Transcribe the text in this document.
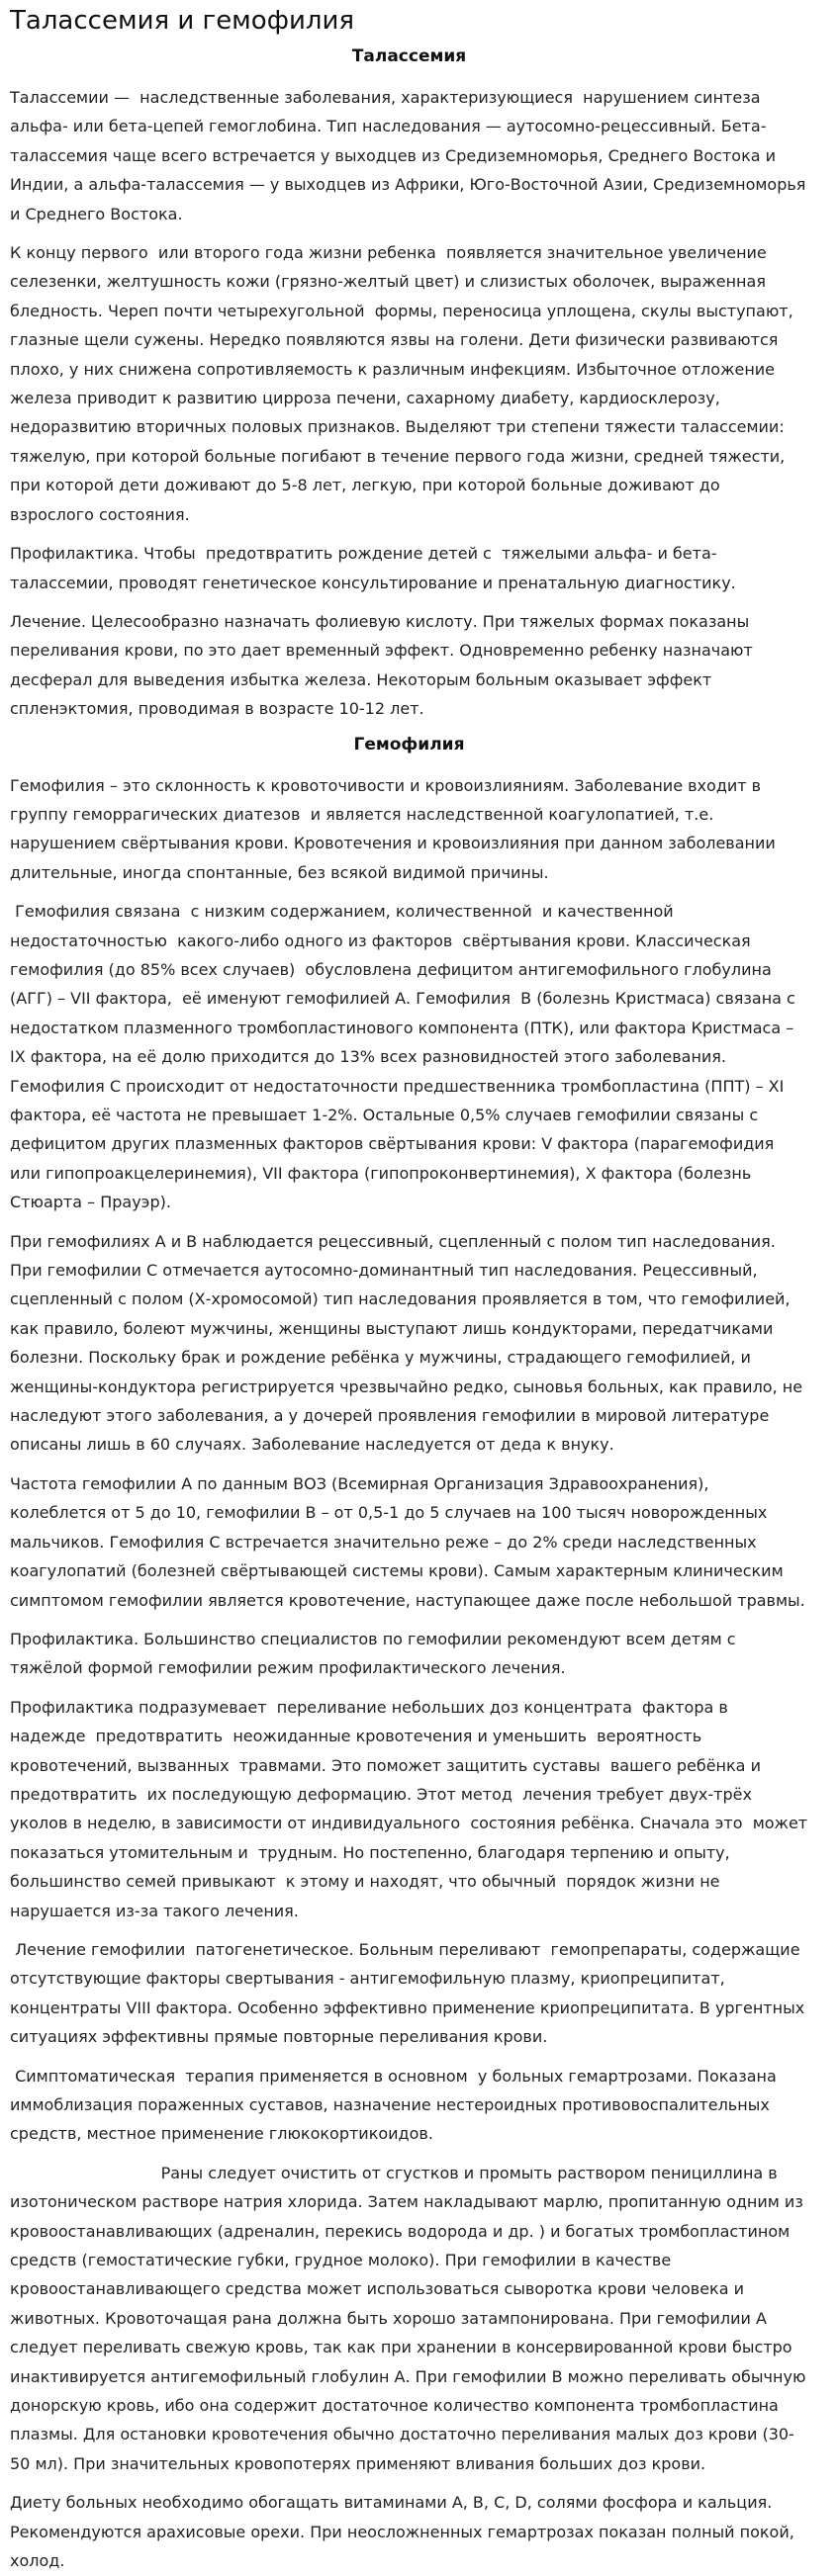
Талассемия и гемофилия
Талассемия

Талассемии —  наследственные заболевания, характеризующиеся  нарушением синтеза альфа- или бета-цепей гемоглобина. Тип наследования — аутосомно-рецессивный. Бета-талассемия чаще всего встречается у выходцев из Средиземноморья, Среднего Востока и Индии, а альфа-талассемия — у выходцев из Африки, Юго-Восточной Азии, Средиземноморья и Среднего Востока.

К концу первого  или второго года жизни ребенка  появляется значительное увеличение селезенки, желтушность кожи (грязно-желтый цвет) и слизистых оболочек, выраженная бледность. Череп почти четырехугольной  формы, переносица уплощена, скулы выступают, глазные щели сужены. Нередко появляются язвы на голени. Дети физически развиваются плохо, у них снижена сопротивляемость к различным инфекциям. Избыточное отложение железа приводит к развитию цирроза печени, сахарному диабету, кардиосклерозу, недоразвитию вторичных половых признаков. Выделяют три степени тяжести талассемии: тяжелую, при которой больные погибают в течение первого года жизни, средней тяжести, при которой дети доживают до 5-8 лет, легкую, при которой больные доживают до взрослого состояния.

Профилактика. Чтобы  предотвратить рождение детей с  тяжелыми альфа- и бета-талассемии, проводят генетическое консультирование и пренатальную диагностику.

Лечение. Целесообразно назначать фолиевую кислоту. При тяжелых формах показаны переливания крови, по это дает временный эффект. Одновременно ребенку назначают десферал для выведения избытка железа. Некоторым больным оказывает эффект спленэктомия, проводимая в возрасте 10-12 лет.

Гемофилия

Гемофилия – это склонность к кровоточивости и кровоизлияниям. Заболевание входит в группу геморрагических диатезов  и является наследственной коагулопатией, т.е. нарушением свёртывания крови. Кровотечения и кровоизлияния при данном заболевании длительные, иногда спонтанные, без всякой видимой причины.

Гемофилия связана  с низким содержанием, количественной  и качественной недостаточностью  какого-либо одного из факторов  свёртывания крови. Классическая гемофилия (до 85% всех случаев)  обусловлена дефицитом антигемофильного глобулина (АГГ) – VII фактора,  её именуют гемофилией А. Гемофилия  В (болезнь Кристмаса) связана с недостатком плазменного тромбопластинового компонента (ПТК), или фактора Кристмаса – IX фактора, на её долю приходится до 13% всех разновидностей этого заболевания. Гемофилия С происходит от недостаточности предшественника тромбопластина (ППТ) – XI фактора, её частота не превышает 1-2%. Остальные 0,5% случаев гемофилии связаны с дефицитом других плазменных факторов свёртывания крови: V фактора (парагемофидия или гипопроакцелеринемия), VII фактора (гипопроконвертинемия), X фактора (болезнь Стюарта – Прауэр).

При гемофилиях А и В наблюдается рецессивный, сцепленный с полом тип наследования. При гемофилии С отмечается аутосомно-доминантный тип наследования. Рецессивный, сцепленный с полом (Х-хромосомой) тип наследования проявляется в том, что гемофилией, как правило, болеют мужчины, женщины выступают лишь кондукторами, передатчиками болезни. Поскольку брак и рождение ребёнка у мужчины, страдающего гемофилией, и женщины-кондуктора регистрируется чрезвычайно редко, сыновья больных, как правило, не наследуют этого заболевания, а у дочерей проявления гемофилии в мировой литературе описаны лишь в 60 случаях. Заболевание наследуется от деда к внуку.

Частота гемофилии А по данным ВОЗ (Всемирная Организация Здравоохранения), колеблется от 5 до 10, гемофилии В – от 0,5-1 до 5 случаев на 100 тысяч новорожденных мальчиков. Гемофилия С встречается значительно реже – до 2% среди наследственных коагулопатий (болезней свёртывающей системы крови). Самым характерным клиническим симптомом гемофилии является кровотечение, наступающее даже после небольшой травмы.

Профилактика. Большинство специалистов по гемофилии рекомендуют всем детям с тяжёлой формой гемофилии режим профилактического лечения.

Профилактика подразумевает  переливание небольших доз концентрата  фактора в надежде  предотвратить  неожиданные кровотечения и уменьшить  вероятность кровотечений, вызванных  травмами. Это поможет защитить суставы  вашего ребёнка и предотвратить  их последующую деформацию. Этот метод  лечения требует двух-трёх уколов в неделю, в зависимости от индивидуального  состояния ребёнка. Сначала это  может показаться утомительным и  трудным. Но постепенно, благодаря терпению и опыту, большинство семей привыкают  к этому и находят, что обычный  порядок жизни не нарушается из-за такого лечения.

Лечение гемофилии  патогенетическое. Больным переливают  гемопрепараты, содержащие отсутствующие факторы свертывания - антигемофильную плазму, криопреципитат, концентраты VIII фактора. Особенно эффективно применение криопреципитата. В ургентных ситуациях эффективны прямые повторные переливания крови.

Симптоматическая  терапия применяется в основном  у больных гемартрозами. Показана иммоблизация пораженных суставов, назначение нестероидных противовоспалительных средств, местное применение глюкокортикоидов.

Раны следует очистить от сгустков и промыть раствором пенициллина в изотоническом растворе натрия хлорида. Затем накладывают марлю, пропитанную одним из кровоостанавливающих (адреналин, перекись водорода и др. ) и богатых тромбопластином средств (гемостатические губки, грудное молоко). При гемофилии в качестве кровоостанавливающего средства может использоваться сыворотка крови человека и животных. Кровоточащая рана должна быть хорошо затампонирована. При гемофилии А следует переливать свежую кровь, так как при хранении в консервированной крови быстро инактивируется антигемофильный глобулин А. При гемофилии В можно переливать обычную донорскую кровь, ибо она содержит достаточное количество компонента тромбопластина плазмы. Для остановки кровотечения обычно достаточно переливания малых доз крови (30-50 мл). При значительных кровопотерях применяют вливания больших доз крови.

Диету больных необходимо обогащать витаминами А, В, С, D, солями фосфора и кальция. Рекомендуются арахисовые орехи. При неосложненных гемартрозах показан полный покой, холод.
